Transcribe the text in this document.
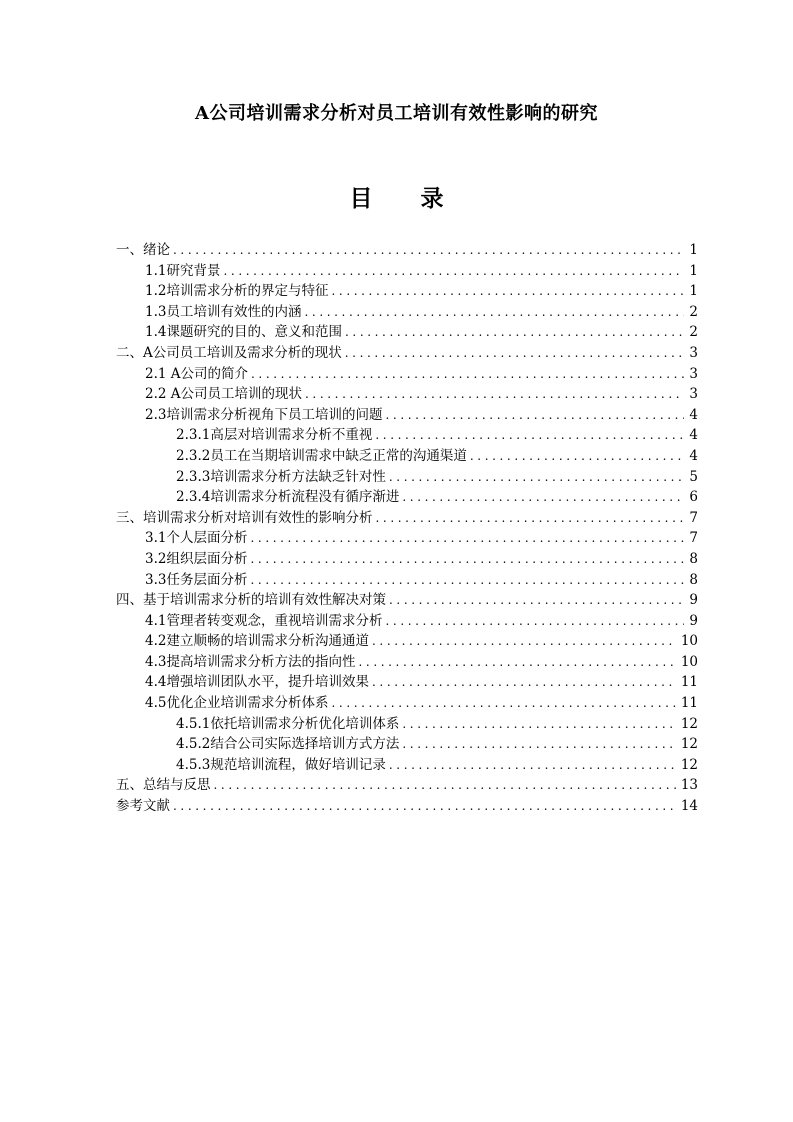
A公司培训需求分析对员工培训有效性影响的研究
目 录
一、绪论 .....	1
1.1研究背景 .....	1
1.2培训需求分析的界定与特征 .....	1
1.3员工培训有效性的内涵 .....	2
1.4课题研究的目的、意义和范围 .....	2
二、A公司员工培训及需求分析的现状 .....	3
2.1 A公司的简介 .....	3
2.2 A公司员工培训的现状 .....	3
2.3培训需求分析视角下员工培训的问题 .....	4
2.3.1高层对培训需求分析不重视 .....	4
2.3.2员工在当期培训需求中缺乏正常的沟通渠道 .....	4
2.3.3培训需求分析方法缺乏针对性 .....	5
2.3.4培训需求分析流程没有循序渐进 .....	6
三、培训需求分析对培训有效性的影响分析 .....	7
3.1个人层面分析 .....	7
3.2组织层面分析 .....	8
3.3任务层面分析 .....	8
四、基于培训需求分析的培训有效性解决对策 .....	9
4.1管理者转变观念，重视培训需求分析 .....	9
4.2建立顺畅的培训需求分析沟通通道 .....	10
4.3提高培训需求分析方法的指向性 .....	10
4.4增强培训团队水平，提升培训效果 .....	11
4.5优化企业培训需求分析体系 .....	11
4.5.1依托培训需求分析优化培训体系 .....	12
4.5.2结合公司实际选择培训方式方法 .....	12
4.5.3规范培训流程，做好培训记录 .....	12
五、总结与反思 .....	13
参考文献 .....	14
